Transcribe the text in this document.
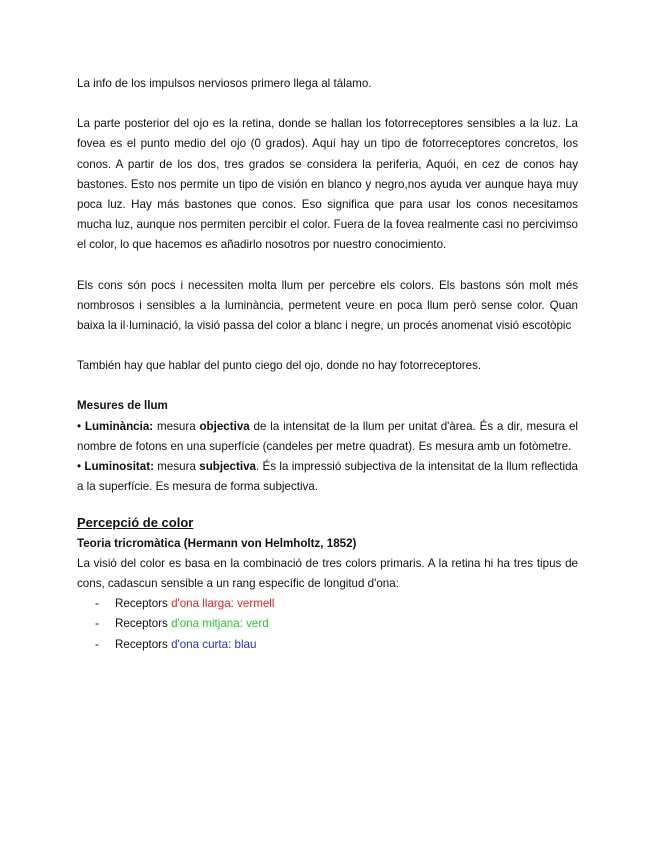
La info de los impulsos nerviosos primero llega al tálamo.

La parte posterior del ojo es la retina, donde se hallan los fotorreceptores sensibles a la luz. La fovea es el punto medio del ojo (0 grados). Aquí hay un tipo de fotorreceptores concretos, los conos. A partir de los dos, tres grados se considera la periferia, Aquói, en cez de conos hay bastones. Esto nos permite un tipo de visión en blanco y negro,nos ayuda ver aunque haya muy poca luz. Hay más bastones que conos. Eso significa que para usar los conos necesitamos mucha luz, aunque nos permiten percibir el color. Fuera de la fovea realmente casi no percivimso el color, lo que hacemos es añadirlo nosotros por nuestro conocimiento.

Els cons són pocs i necessiten molta llum per percebre els colors. Els bastons són molt més nombrosos i sensibles a la luminància, permetent veure en poca llum però sense color. Quan baixa la il·luminació, la visió passa del color a blanc i negre, un procés anomenat visió escotòpic

También hay que hablar del punto ciego del ojo, donde no hay fotorreceptores.

Mesures de llum

• Luminància: mesura objectiva de la intensitat de la llum per unitat d'àrea. És a dir, mesura el nombre de fotons en una superfície (candeles per metre quadrat). Es mesura amb un fotòmetre.

• Luminositat: mesura subjectiva. És la impressió subjectiva de la intensitat de la llum reflectida a la superfície. Es mesura de forma subjectiva.

Percepció de color

Teoria tricromàtica (Hermann von Helmholtz, 1852)

La visió del color es basa en la combinació de tres colors primaris. A la retina hi ha tres tipus de cons, cadascun sensible a un rang específic de longitud d'ona:

- Receptors d'ona llarga: vermell
- Receptors d'ona mitjana: verd
- Receptors d'ona curta: blau
